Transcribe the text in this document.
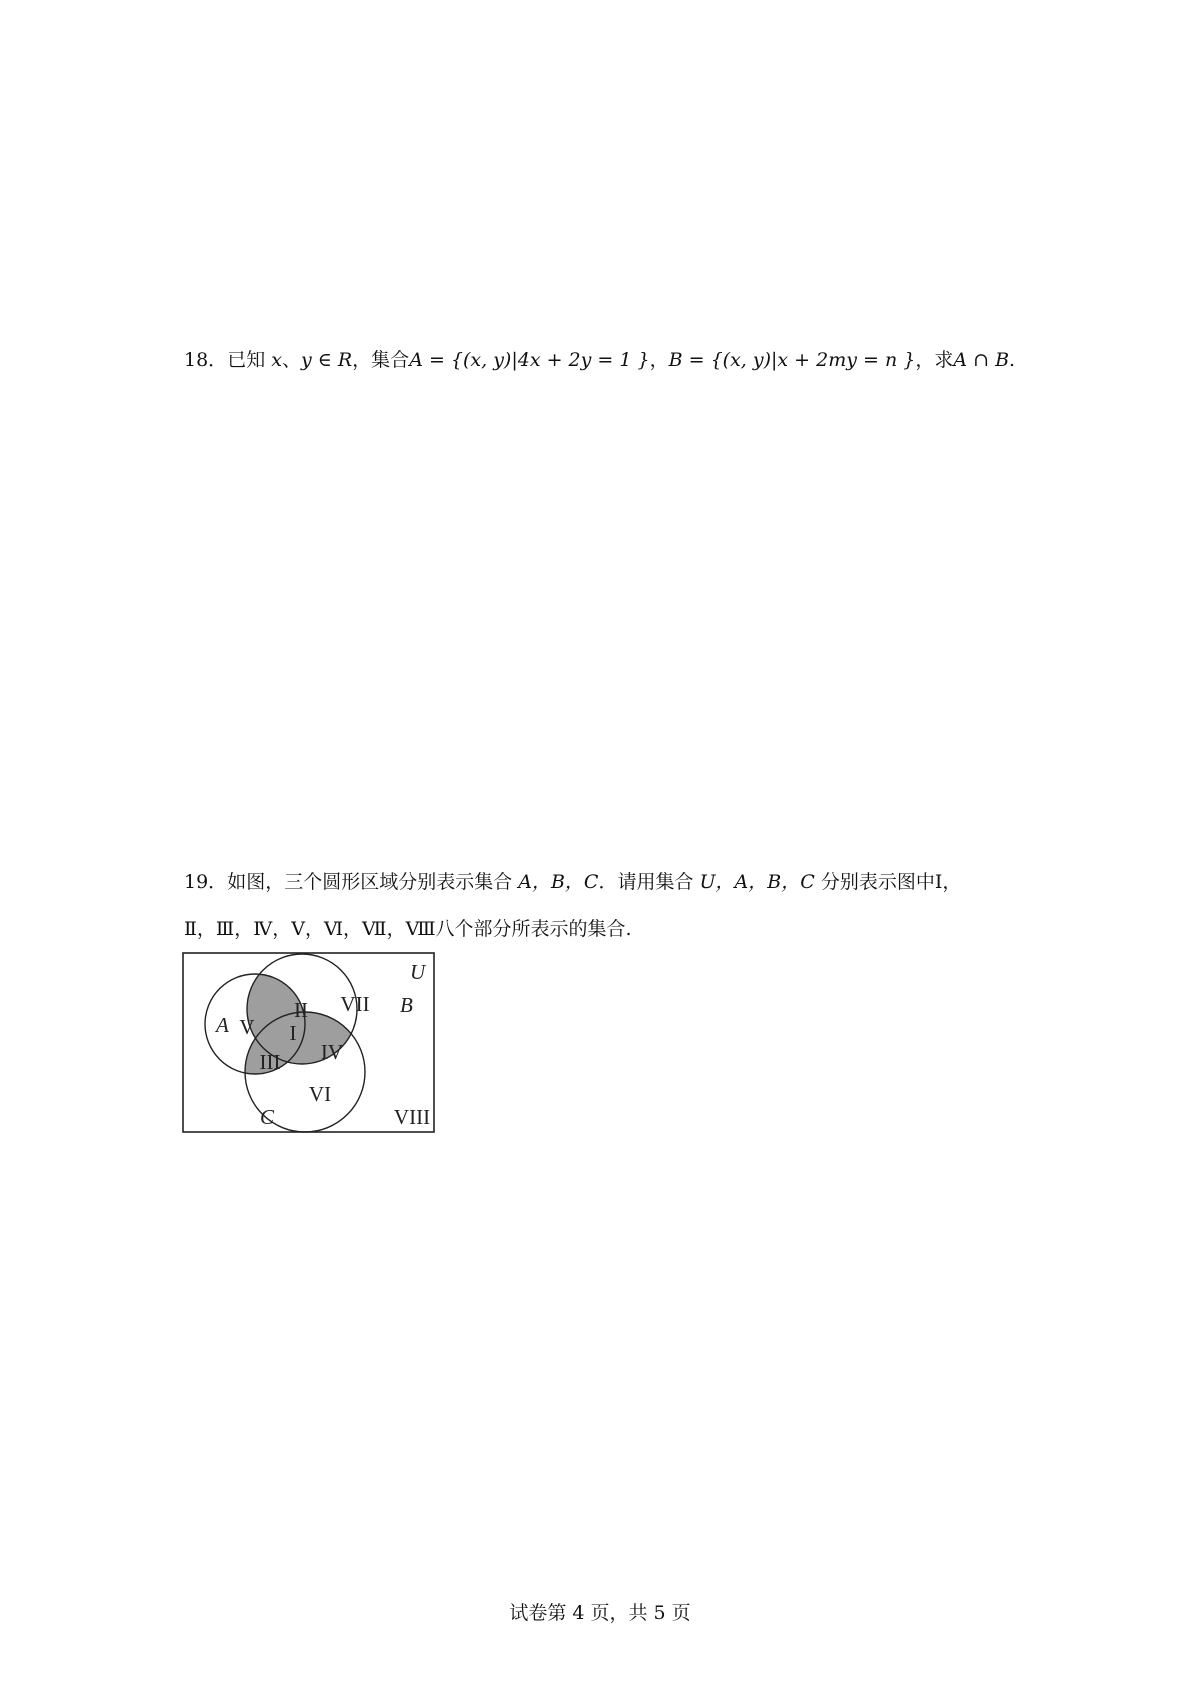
18．已知 x、y ∈ R，集合A = {(x, y)|4x + 2y = 1 }，B = {(x, y)|x + 2my = n }，求A ∩ B.
19．如图，三个圆形区域分别表示集合 A，B，C．请用集合 U，A，B，C 分别表示图中Ⅰ，
Ⅱ，Ⅲ，Ⅳ，Ⅴ，Ⅵ，Ⅶ，Ⅷ八个部分所表示的集合.
U
A
B
C
I
II
III IV
V
VI
VII
VIII
试卷第 4 页，共 5 页
